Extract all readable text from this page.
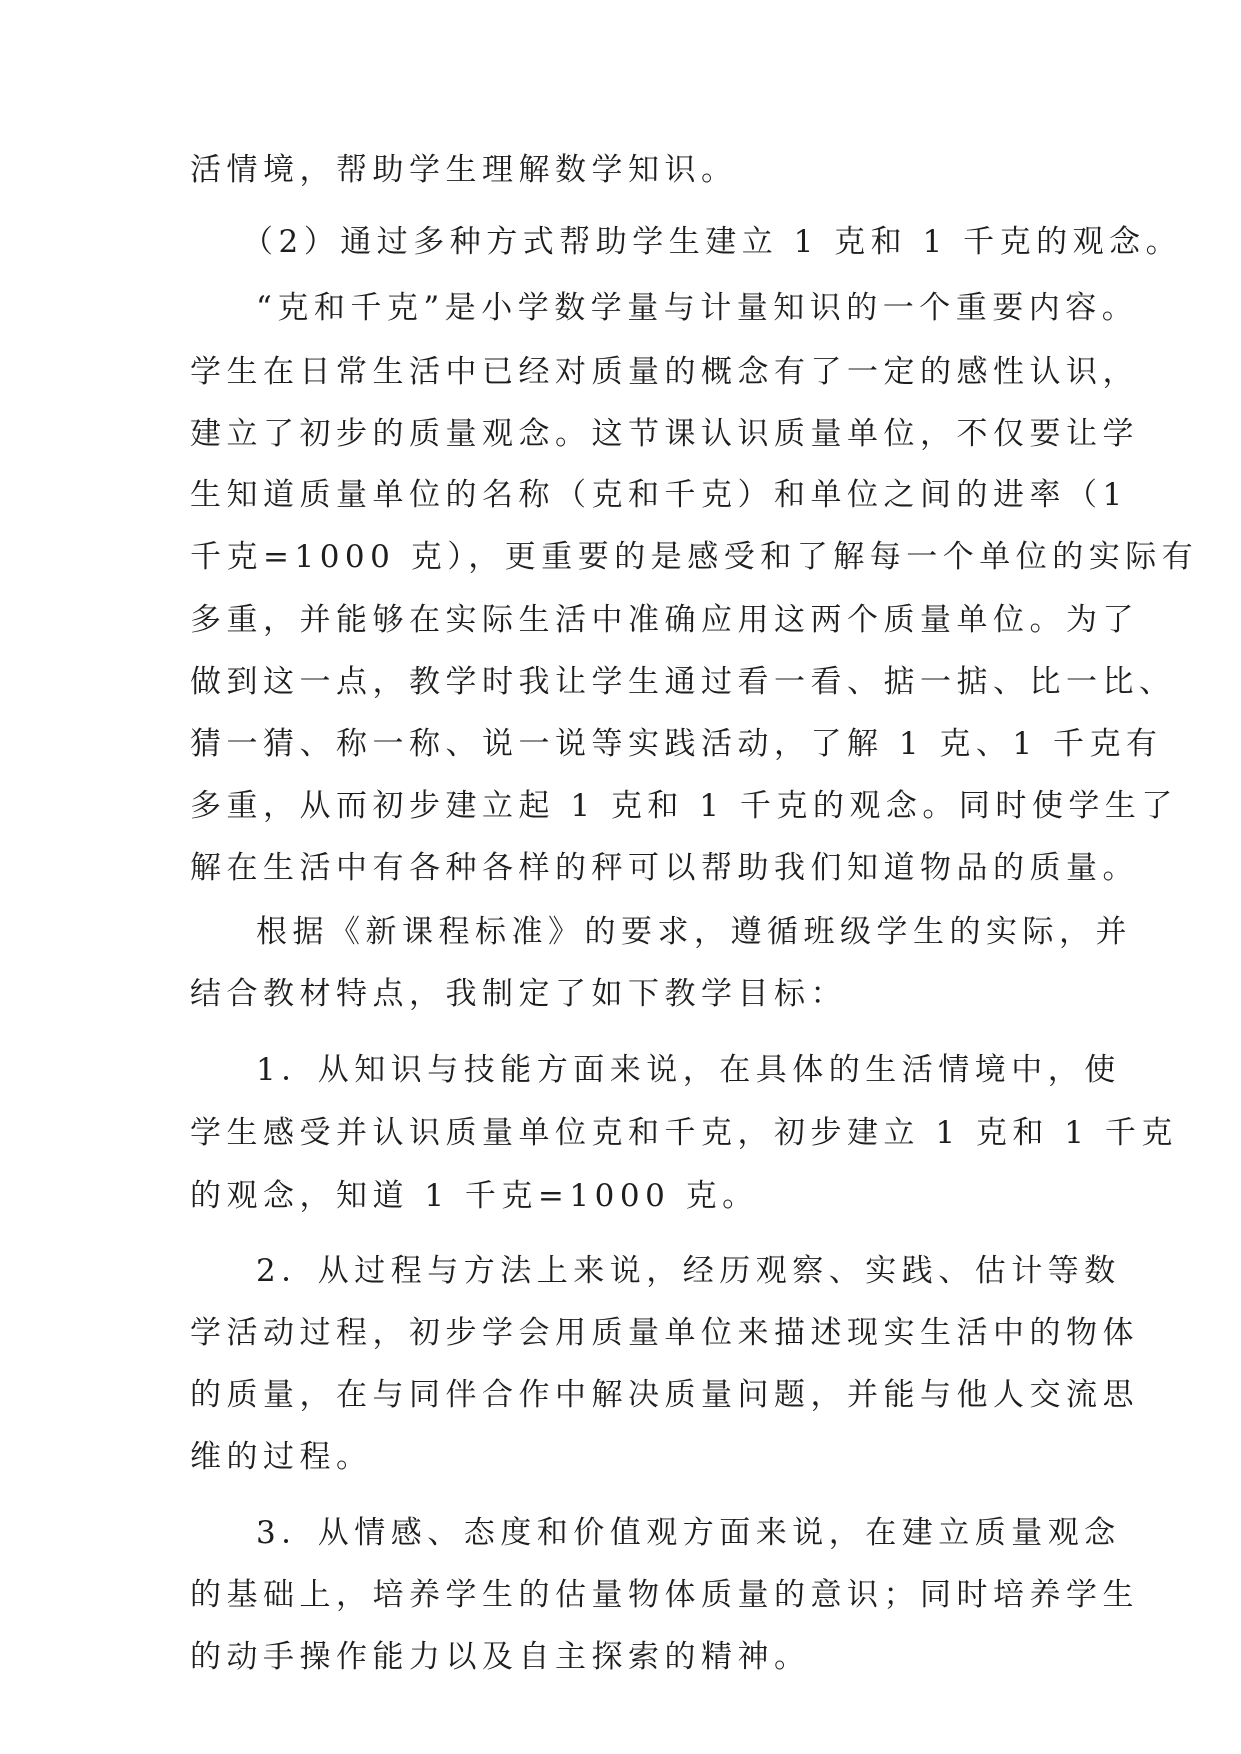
活情境，帮助学生理解数学知识。
（2）通过多种方式帮助学生建立 1 克和 1 千克的观念。
“克和千克”是小学数学量与计量知识的一个重要内容。
学生在日常生活中已经对质量的概念有了一定的感性认识，
建立了初步的质量观念。这节课认识质量单位，不仅要让学
生知道质量单位的名称（克和千克）和单位之间的进率（1
千克=1000 克），更重要的是感受和了解每一个单位的实际有
多重，并能够在实际生活中准确应用这两个质量单位。为了
做到这一点，教学时我让学生通过看一看、掂一掂、比一比、
猜一猜、称一称、说一说等实践活动，了解 1 克、1 千克有
多重，从而初步建立起 1 克和 1 千克的观念。同时使学生了
解在生活中有各种各样的秤可以帮助我们知道物品的质量。
根据《新课程标准》的要求，遵循班级学生的实际，并
结合教材特点，我制定了如下教学目标：
1．从知识与技能方面来说，在具体的生活情境中，使
学生感受并认识质量单位克和千克，初步建立 1 克和 1 千克
的观念，知道 1 千克=1000 克。
2．从过程与方法上来说，经历观察、实践、估计等数
学活动过程，初步学会用质量单位来描述现实生活中的物体
的质量，在与同伴合作中解决质量问题，并能与他人交流思
维的过程。
3．从情感、态度和价值观方面来说，在建立质量观念
的基础上，培养学生的估量物体质量的意识；同时培养学生
的动手操作能力以及自主探索的精神。
